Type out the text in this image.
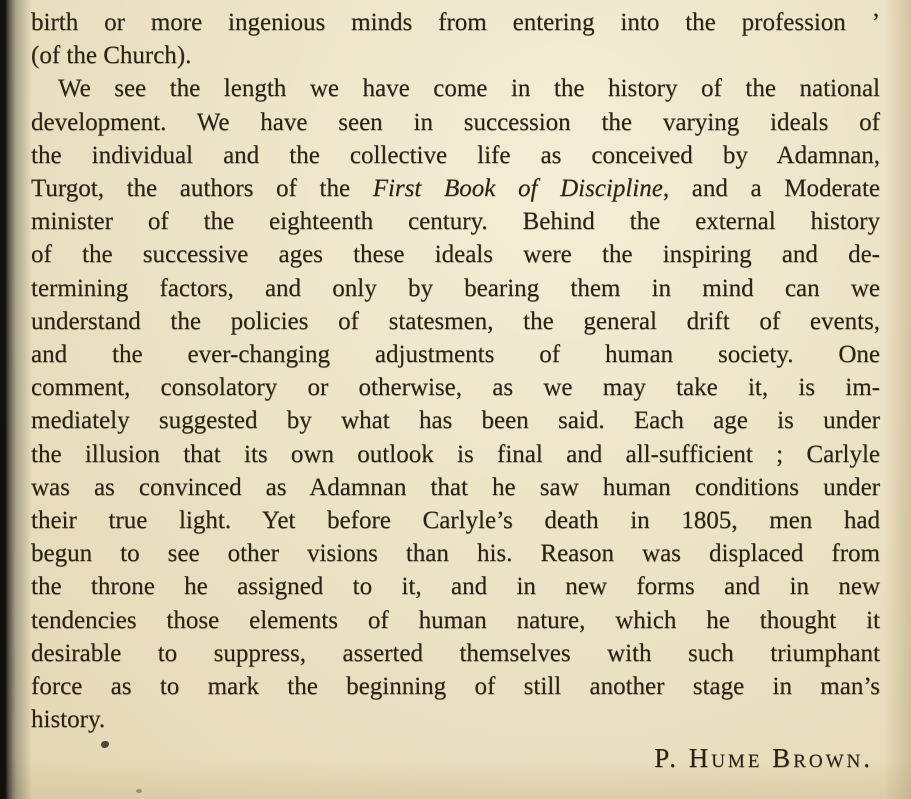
birth or more ingenious minds from entering into the profession ’
(of the Church).
We see the length we have come in the history of the national
development. We have seen in succession the varying ideals of
the individual and the collective life as conceived by Adamnan,
Turgot, the authors of the First Book of Discipline, and a Moderate
minister of the eighteenth century. Behind the external history
of the successive ages these ideals were the inspiring and de-
termining factors, and only by bearing them in mind can we
understand the policies of statesmen, the general drift of events,
and the ever-changing adjustments of human society. One
comment, consolatory or otherwise, as we may take it, is im-
mediately suggested by what has been said. Each age is under
the illusion that its own outlook is final and all-sufficient ; Carlyle
was as convinced as Adamnan that he saw human conditions under
their true light. Yet before Carlyle’s death in 1805, men had
begun to see other visions than his. Reason was displaced from
the throne he assigned to it, and in new forms and in new
tendencies those elements of human nature, which he thought it
desirable to suppress, asserted themselves with such triumphant
force as to mark the beginning of still another stage in man’s
history.
P. Hume Brown.
